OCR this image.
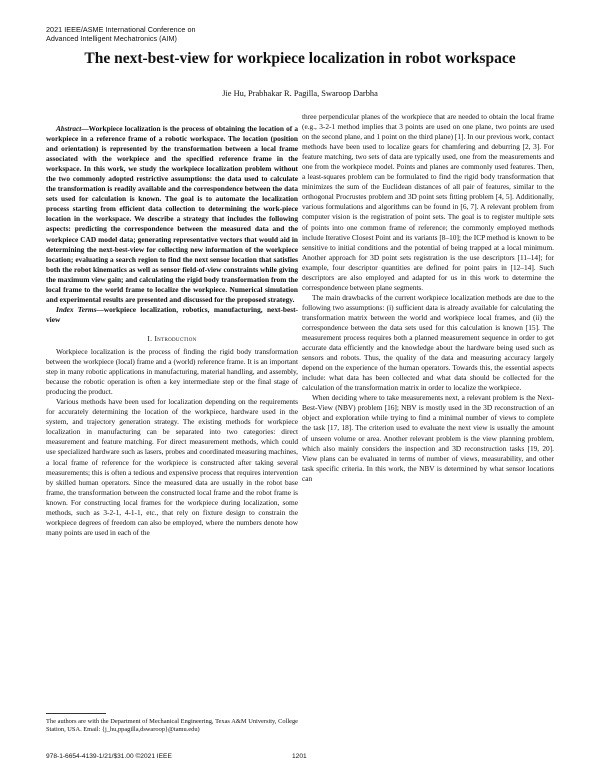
2021 IEEE/ASME International Conference on
Advanced Intelligent Mechatronics (AIM)
The next-best-view for workpiece localization in robot workspace
Jie Hu, Prabhakar R. Pagilla, Swaroop Darbha

Abstract—Workpiece localization is the process of obtaining the location of a workpiece in a reference frame of a robotic workspace. The location (position and orientation) is represented by the transformation between a local frame associated with the workpiece and the specified reference frame in the workspace. In this work, we study the workpiece localization problem without the two commonly adopted restrictive assumptions: the data used to calculate the transformation is readily available and the correspondence between the data sets used for calculation is known. The goal is to automate the localization process starting from efficient data collection to determining the work-piece location in the workspace. We describe a strategy that includes the following aspects: predicting the correspondence between the measured data and the workpiece CAD model data; generating representative vectors that would aid in determining the next-best-view for collecting new information of the workpiece location; evaluating a search region to find the next sensor location that satisfies both the robot kinematics as well as sensor field-of-view constraints while giving the maximum view gain; and calculating the rigid body transformation from the local frame to the world frame to localize the workpiece. Numerical simulation and experimental results are presented and discussed for the proposed strategy.

Index Terms—workpiece localization, robotics, manufacturing, next-best-view

I. Introduction

Workpiece localization is the process of finding the rigid body transformation between the workpiece (local) frame and a (world) reference frame. It is an important step in many robotic applications in manufacturing, material handling, and assembly, because the robotic operation is often a key intermediate step or the final stage of producing the product.

Various methods have been used for localization depending on the requirements for accurately determining the location of the workpiece, hardware used in the system, and trajectory generation strategy. The existing methods for workpiece localization in manufacturing can be separated into two categories: direct measurement and feature matching. For direct measurement methods, which could use specialized hardware such as lasers, probes and coordinated measuring machines, a local frame of reference for the workpiece is constructed after taking several measurements; this is often a tedious and expensive process that requires intervention by skilled human operators. Since the measured data are usually in the robot base frame, the transformation between the constructed local frame and the robot frame is known. For constructing local frames for the workpiece during localization, some methods, such as 3-2-1, 4-1-1, etc., that rely on fixture design to constrain the workpiece degrees of freedom can also be employed, where the numbers denote how many points are used in each of the

three perpendicular planes of the workpiece that are needed to obtain the local frame (e.g., 3-2-1 method implies that 3 points are used on one plane, two points are used on the second plane, and 1 point on the third plane) [1]. In our previous work, contact methods have been used to localize gears for chamfering and deburring [2, 3]. For feature matching, two sets of data are typically used, one from the measurements and one from the workpiece model. Points and planes are commonly used features. Then, a least-squares problem can be formulated to find the rigid body transformation that minimizes the sum of the Euclidean distances of all pair of features, similar to the orthogonal Procrustes problem and 3D point sets fitting problem [4, 5]. Additionally, various formulations and algorithms can be found in [6, 7]. A relevant problem from computer vision is the registration of point sets. The goal is to register multiple sets of points into one common frame of reference; the commonly employed methods include Iterative Closest Point and its variants [8–10]; the ICP method is known to be sensitive to initial conditions and the potential of being trapped at a local minimum. Another approach for 3D point sets registration is the use descriptors [11–14]; for example, four descriptor quantities are defined for point pairs in [12–14]. Such descriptors are also employed and adapted for us in this work to determine the correspondence between plane segments.

The main drawbacks of the current workpiece localization methods are due to the following two assumptions: (i) sufficient data is already available for calculating the transformation matrix between the world and workpiece local frames, and (ii) the correspondence between the data sets used for this calculation is known [15]. The measurement process requires both a planned measurement sequence in order to get accurate data efficiently and the knowledge about the hardware being used such as sensors and robots. Thus, the quality of the data and measuring accuracy largely depend on the experience of the human operators. Towards this, the essential aspects include: what data has been collected and what data should be collected for the calculation of the transformation matrix in order to localize the workpiece.

When deciding where to take measurements next, a relevant problem is the Next-Best-View (NBV) problem [16]; NBV is mostly used in the 3D reconstruction of an object and exploration while trying to find a minimal number of views to complete the task [17, 18]. The criterion used to evaluate the next view is usually the amount of unseen volume or area. Another relevant problem is the view planning problem, which also mainly considers the inspection and 3D reconstruction tasks [19, 20]. View plans can be evaluated in terms of number of views, measurability, and other task specific criteria. In this work, the NBV is determined by what sensor locations can

The authors are with the Department of Mechanical Engineering, Texas A&M University, College Station, USA. Email: {j_hu,ppagilla,dswaroop}@tamu.edu)
978-1-6654-4139-1/21/$31.00 ©2021 IEEE	1201
